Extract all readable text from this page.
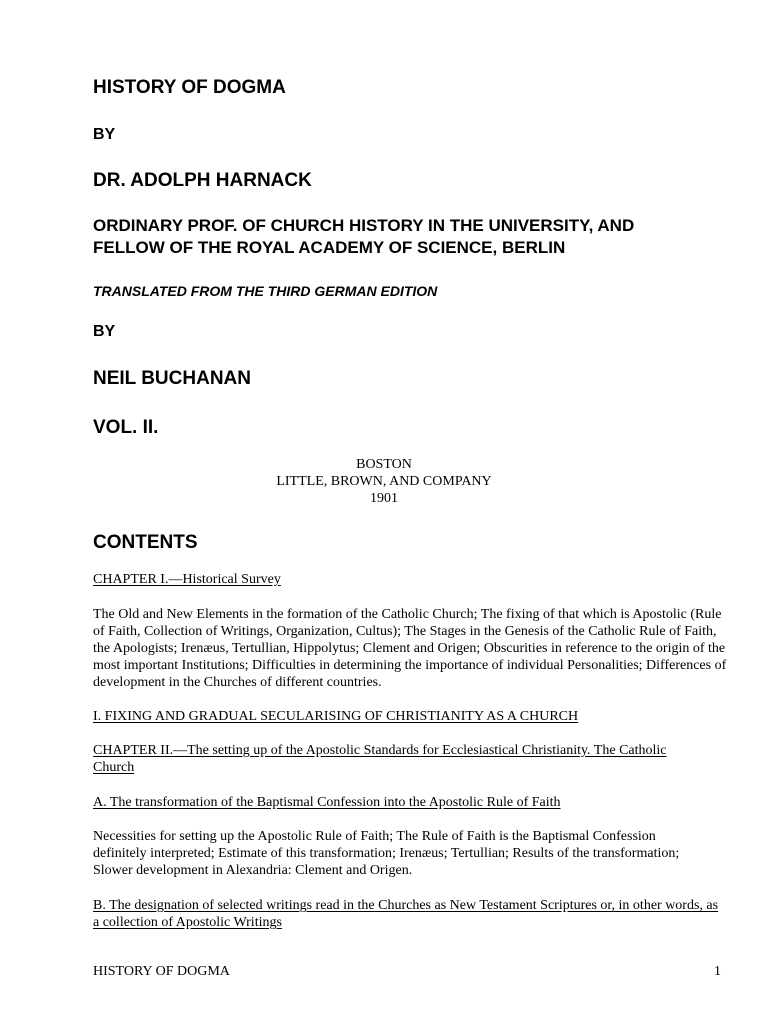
HISTORY OF DOGMA
BY
DR. ADOLPH HARNACK
ORDINARY PROF. OF CHURCH HISTORY IN THE UNIVERSITY, AND
FELLOW OF THE ROYAL ACADEMY OF SCIENCE, BERLIN
TRANSLATED FROM THE THIRD GERMAN EDITION
BY
NEIL BUCHANAN
VOL. II.
BOSTON
LITTLE, BROWN, AND COMPANY
1901
CONTENTS

CHAPTER I.—Historical Survey

The Old and New Elements in the formation of the Catholic Church; The fixing of that which is Apostolic (Rule of Faith, Collection of Writings, Organization, Cultus); The Stages in the Genesis of the Catholic Rule of Faith, the Apologists; Irenæus, Tertullian, Hippolytus; Clement and Origen; Obscurities in reference to the origin of the most important Institutions; Difficulties in determining the importance of individual Personalities; Differences of development in the Churches of different countries.

I. FIXING AND GRADUAL SECULARISING OF CHRISTIANITY AS A CHURCH

CHAPTER II.—The setting up of the Apostolic Standards for Ecclesiastical Christianity. The Catholic Church

A. The transformation of the Baptismal Confession into the Apostolic Rule of Faith

Necessities for setting up the Apostolic Rule of Faith; The Rule of Faith is the Baptismal Confession definitely interpreted; Estimate of this transformation; Irenæus; Tertullian; Results of the transformation; Slower development in Alexandria: Clement and Origen.

B. The designation of selected writings read in the Churches as New Testament Scriptures or, in other words, as a collection of Apostolic Writings

HISTORY OF DOGMA	1
